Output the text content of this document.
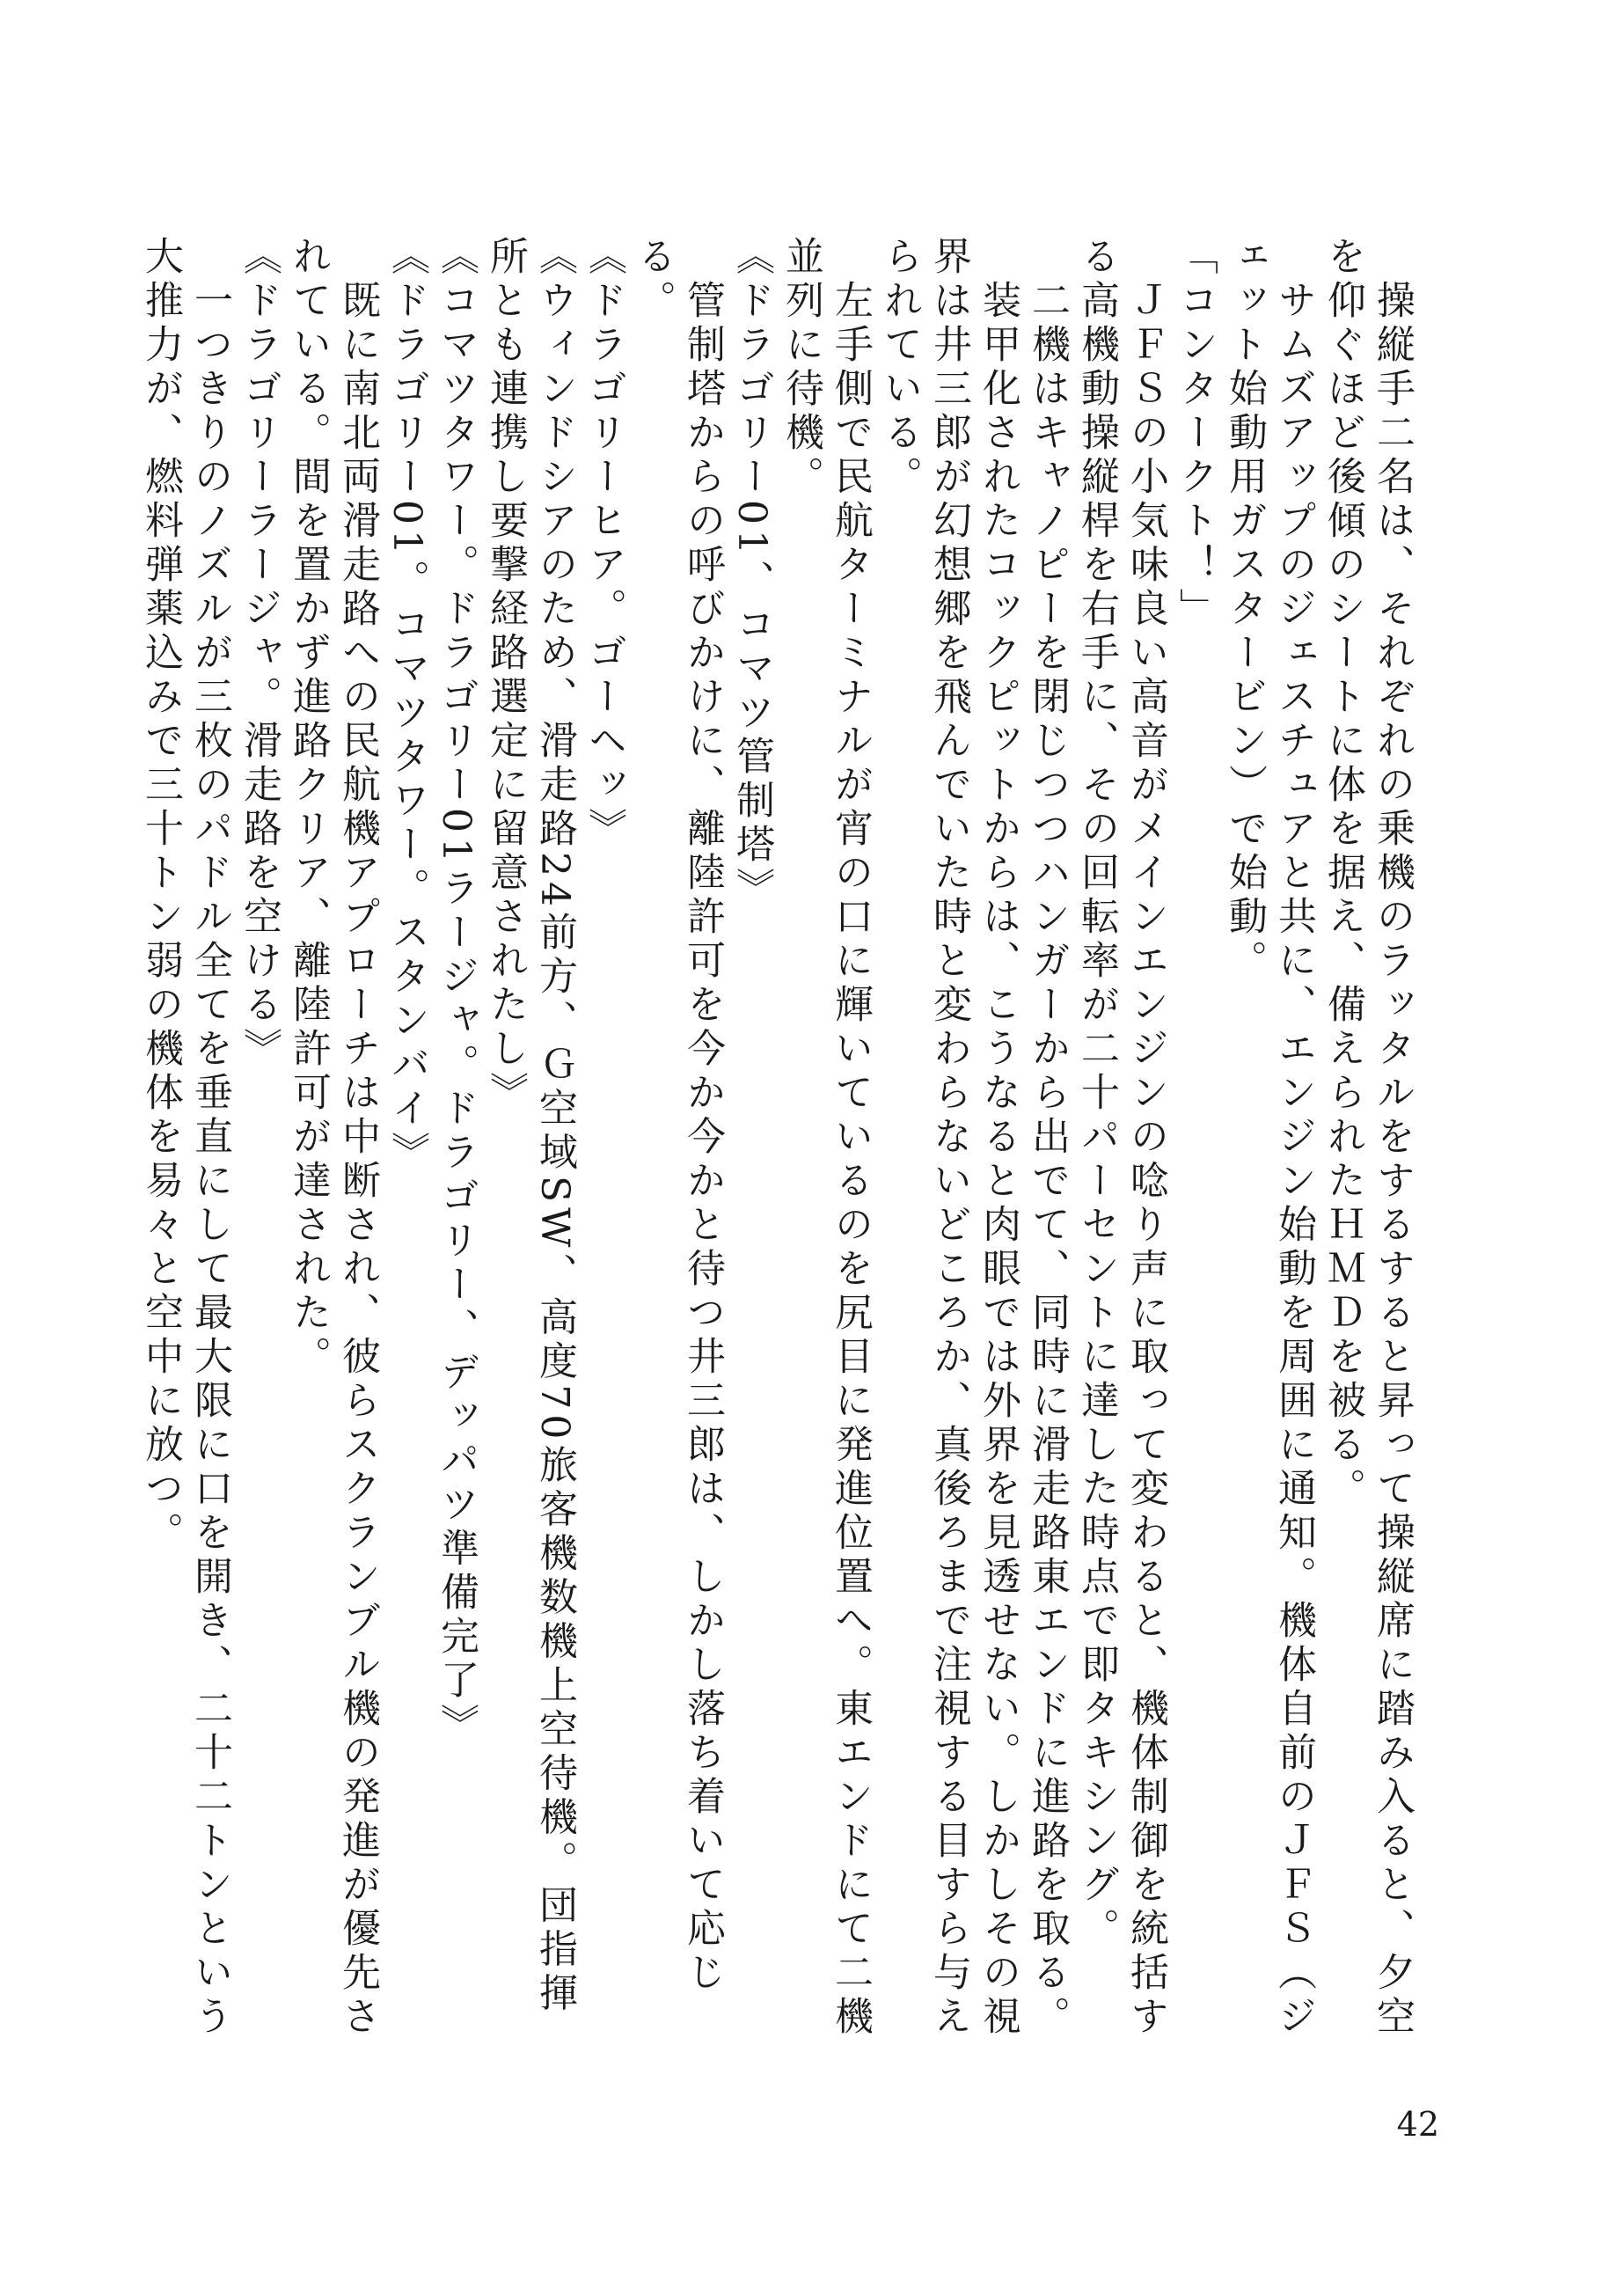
　操縦手二名は、それぞれの乗機のラッタルをするすると昇って操縦席に踏み入ると、夕空を仰ぐほど後傾のシートに体を据え、備えられたＨＭＤを被る。

　サムズアップのジェスチュアと共に、エンジン始動を周囲に通知。機体自前のＪＦＳ（ジェット始動用ガスタービン）で始動。

「コンタークト！」

　ＪＦＳの小気味良い高音がメインエンジンの唸り声に取って変わると、機体制御を統括する高機動操縦桿を右手に、その回転率が二十パーセントに達した時点で即タキシング。

　二機はキャノピーを閉じつつハンガーから出でて、同時に滑走路東エンドに進路を取る。

　装甲化されたコックピットからは、こうなると肉眼では外界を見透せない。しかしその視界は井三郎が幻想郷を飛んでいた時と変わらないどころか、真後ろまで注視する目すら与えられている。

　左手側で民航ターミナルが宵の口に輝いているのを尻目に発進位置へ。東エンドにて二機並列に待機。

《ドラゴリー01、コマツ管制塔》

　管制塔からの呼びかけに、離陸許可を今か今かと待つ井三郎は、しかし落ち着いて応じる。

《ドラゴリーヒア。ゴーヘッ》

《ウィンドシアのため、滑走路24前方、Ｇ空域SW、高度70旅客機数機上空待機。団指揮所とも連携し要撃経路選定に留意されたし》

《コマツタワー。ドラゴリー01ラージャ。ドラゴリー、デッパツ準備完了》

《ドラゴリー01。コマツタワー。スタンバイ》

　既に南北両滑走路への民航機アプローチは中断され、彼らスクランブル機の発進が優先されている。間を置かず進路クリア、離陸許可が達された。

《ドラゴリーラージャ。滑走路を空ける》

　一つきりのノズルが三枚のパドル全てを垂直にして最大限に口を開き、二十二トンという大推力が、燃料弾薬込みで三十トン弱の機体を易々と空中に放つ。

42
